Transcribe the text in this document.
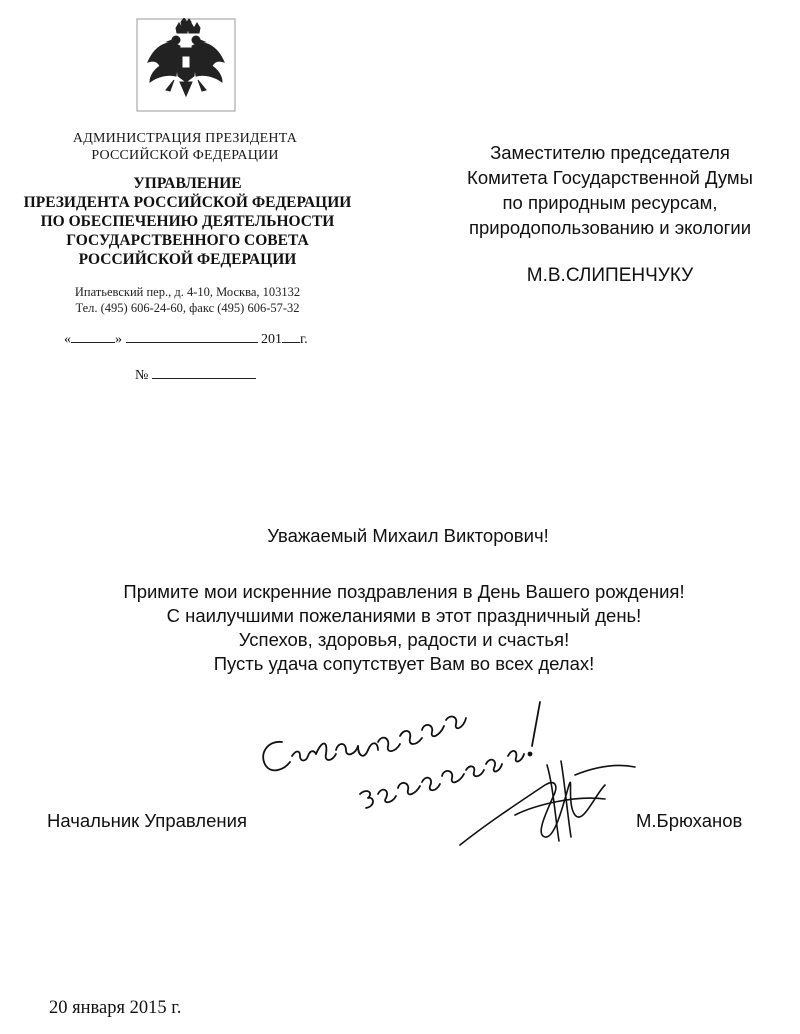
АДМИНИСТРАЦИЯ ПРЕЗИДЕНТА
РОССИЙСКОЙ ФЕДЕРАЦИИ
УПРАВЛЕНИЕ
ПРЕЗИДЕНТА РОССИЙСКОЙ ФЕДЕРАЦИИ
ПО ОБЕСПЕЧЕНИЮ ДЕЯТЕЛЬНОСТИ
ГОСУДАРСТВЕННОГО СОВЕТА
РОССИЙСКОЙ ФЕДЕРАЦИИ
Ипатьевский пер., д. 4-10, Москва, 103132
Тел. (495) 606-24-60, факс (495) 606-57-32
«	»	201 г.
№
Заместителю председателя
Комитета Государственной Думы
по природным ресурсам,
природопользованию и экологии
М.В.СЛИПЕНЧУКУ
Уважаемый Михаил Викторович!
Примите мои искренние поздравления в День Вашего рождения!
С наилучшими пожеланиями в этот праздничный день!
Успехов, здоровья, радости и счастья!
Пусть удача сопутствует Вам во всех делах!
Начальник Управления	М.Брюханов
20 января 2015 г.
